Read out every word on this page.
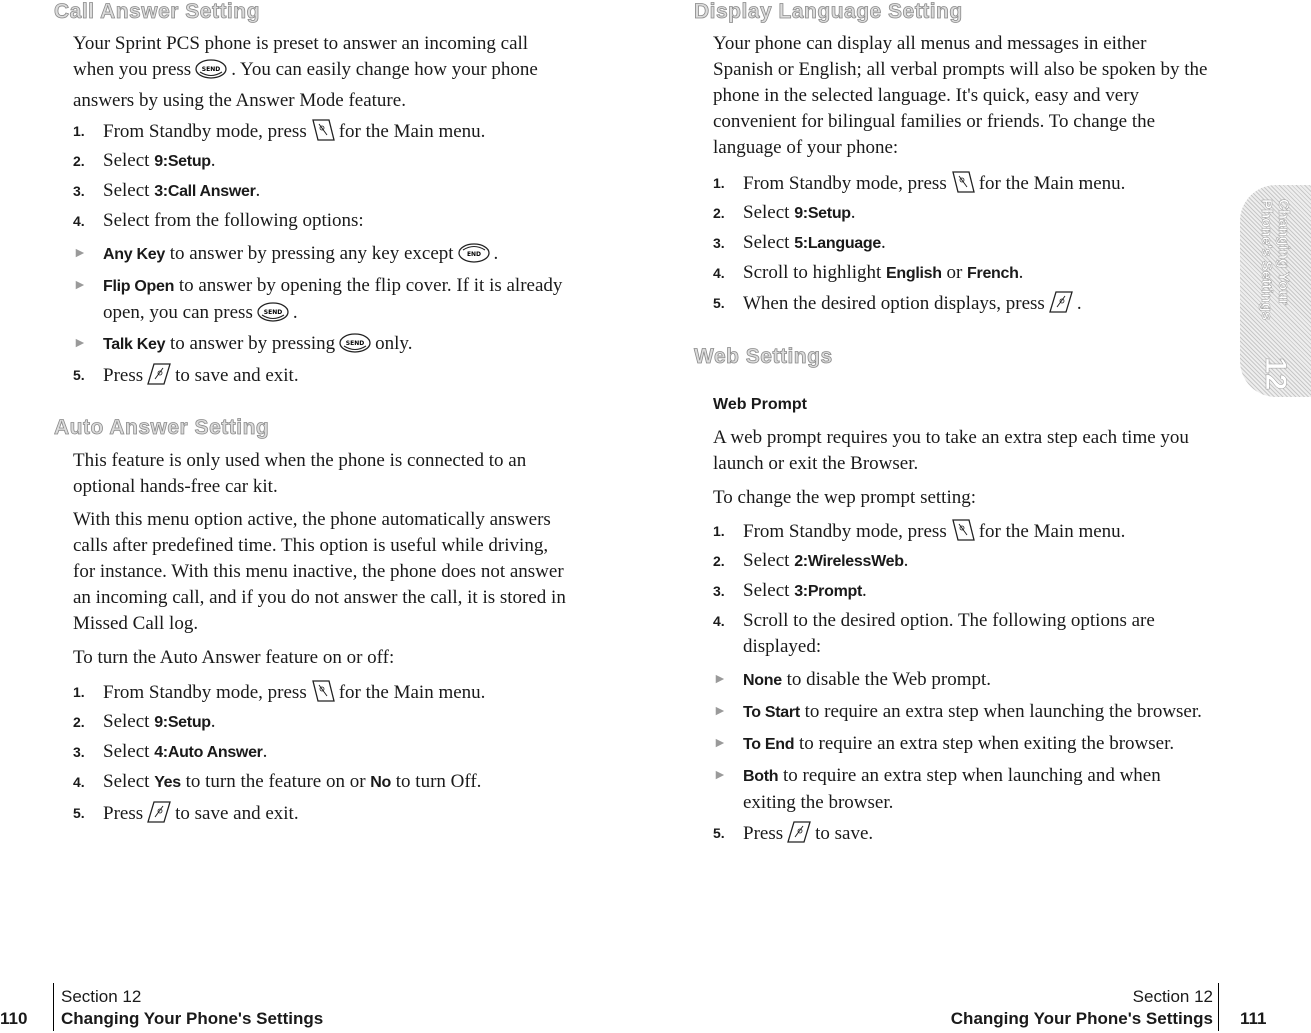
Call Answer Setting
Your Sprint PCS phone is preset to answer an incoming call
when you press SEND . You can easily change how your phone
answers by using the Answer Mode feature.
1. From Standby mode, press for the Main menu.
2. Select 9:Setup.
3. Select 3:Call Answer.
4. Select from the following options:
►	Any Key to answer by pressing any key except END .
►	Flip Open to answer by opening the flip cover. If it is already
open, you can press SEND .
►	Talk Key to answer by pressing SEND only.
5. Press to save and exit.
Auto Answer Setting
This feature is only used when the phone is connected to an
optional hands-free car kit.
With this menu option active, the phone automatically answers
calls after predefined time. This option is useful while driving,
for instance. With this menu inactive, the phone does not answer
an incoming call, and if you do not answer the call, it is stored in
Missed Call log.
To turn the Auto Answer feature on or off:
1. From Standby mode, press for the Main menu.
2. Select 9:Setup.
3. Select 4:Auto Answer.
4. Select Yes to turn the feature on or No to turn Off.
5. Press to save and exit.
110
Section 12
Changing Your Phone's Settings
Display Language Setting
Your phone can display all menus and messages in either
Spanish or English; all verbal prompts will also be spoken by the
phone in the selected language. It's quick, easy and very
convenient for bilingual families or friends. To change the
language of your phone:
1. From Standby mode, press for the Main menu.
2. Select 9:Setup.
3. Select 5:Language.
4. Scroll to highlight English or French.
5. When the desired option displays, press .
Web Settings
Web Prompt
A web prompt requires you to take an extra step each time you
launch or exit the Browser.
To change the wep prompt setting:
1. From Standby mode, press for the Main menu.
2. Select 2:WirelessWeb.
3. Select 3:Prompt.
4. Scroll to the desired option. The following options are
displayed:
►	None to disable the Web prompt.
►	To Start to require an extra step when launching the browser.
►	To End to require an extra step when exiting the browser.
►	Both to require an extra step when launching and when
exiting the browser.
5. Press to save.
Changing Your
Phone's Settings
12
Section 12
Changing Your Phone's Settings 111
